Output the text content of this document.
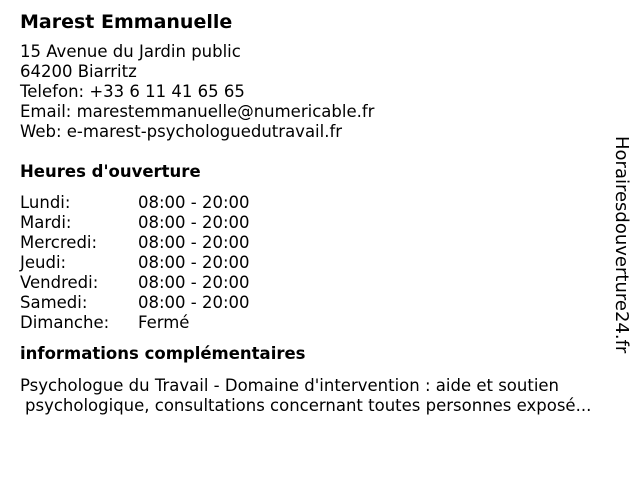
Marest Emmanuelle
15 Avenue du Jardin public
64200 Biarritz
Telefon: +33 6 11 41 65 65
Email: marestemmanuelle@numericable.fr
Web: e-marest-psychologuedutravail.fr
Heures d'ouverture
Lundi:	08:00 - 20:00
Mardi:	08:00 - 20:00
Mercredi:	08:00 - 20:00
Jeudi:	08:00 - 20:00
Vendredi:	08:00 - 20:00
Samedi:	08:00 - 20:00
Dimanche:	Fermé
informations complémentaires
Psychologue du Travail - Domaine d'intervention : aide et soutien
psychologique, consultations concernant toutes personnes exposé...
Horairesdouverture24.fr
